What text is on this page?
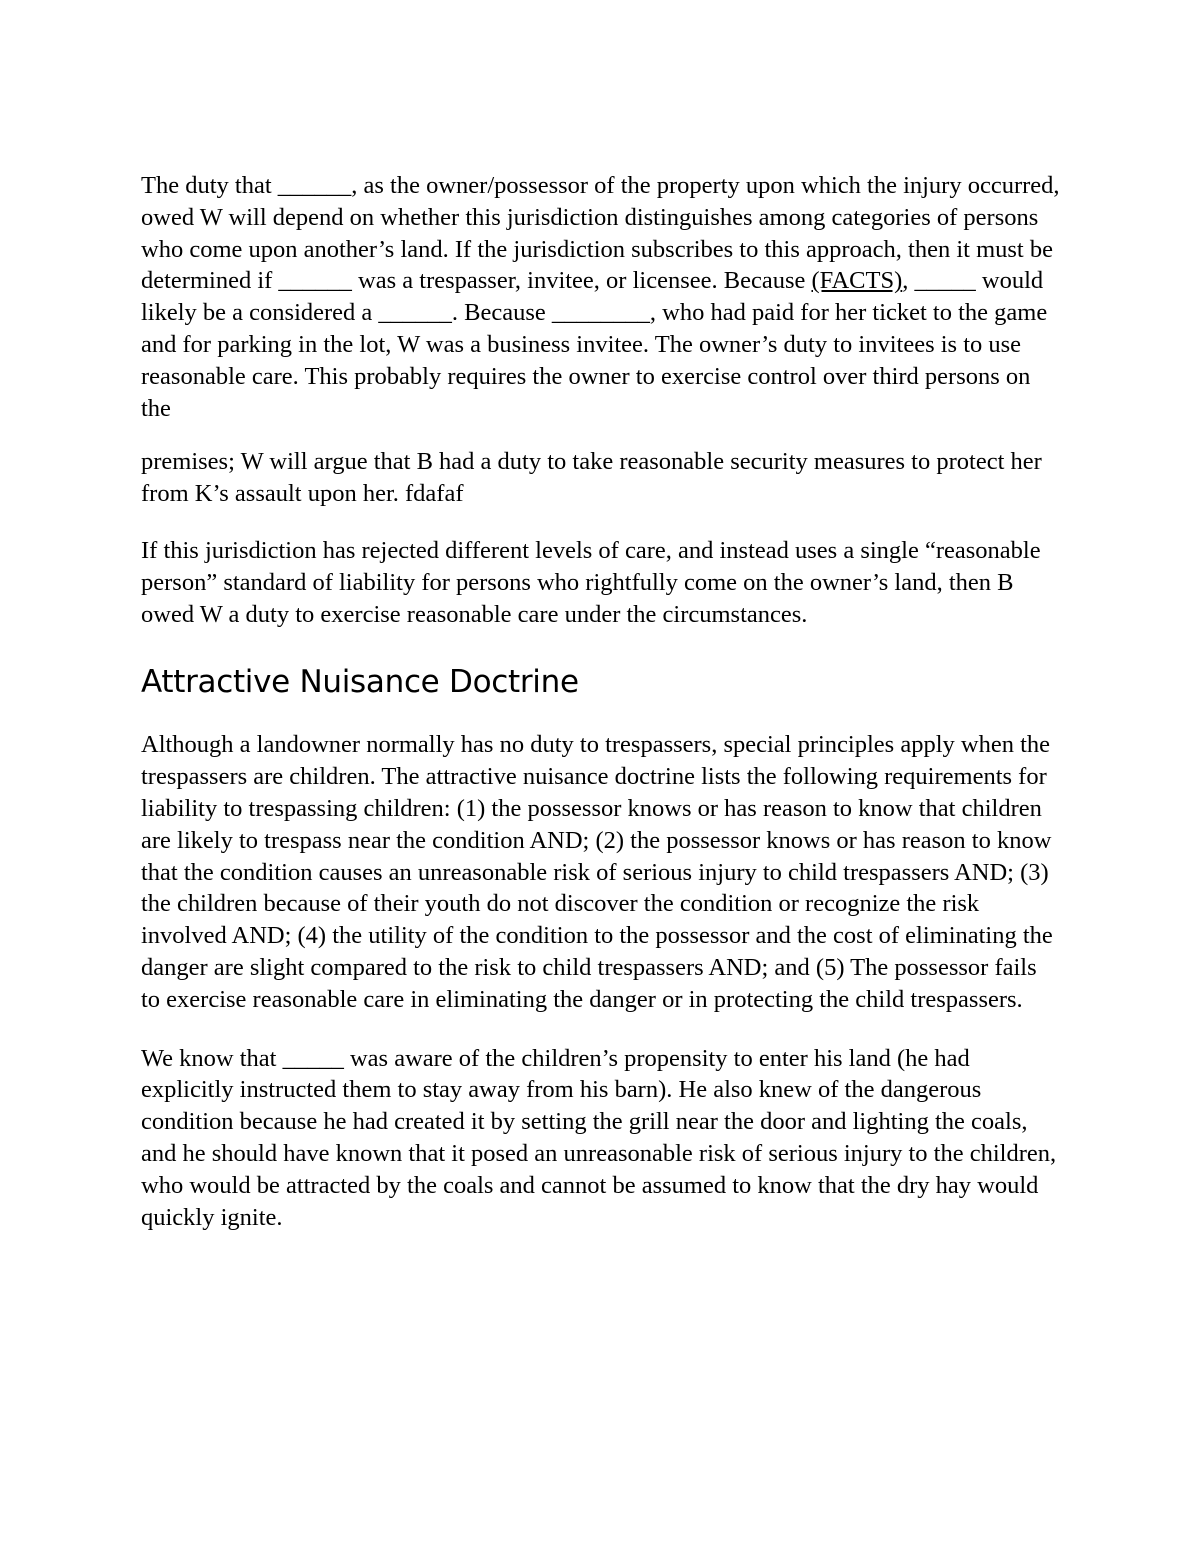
The duty that ______, as the owner/possessor of the property upon which the injury occurred, owed W will depend on whether this jurisdiction distinguishes among categories of persons who come upon another’s land. If the jurisdiction subscribes to this approach, then it must be determined if ______ was a trespasser, invitee, or licensee. Because (FACTS), _____ would likely be a considered a ______. Because ________, who had paid for her ticket to the game and for parking in the lot, W was a business invitee. The owner’s duty to invitees is to use reasonable care. This probably requires the owner to exercise control over third persons on the

premises; W will argue that B had a duty to take reasonable security measures to protect her from K’s assault upon her. fdafaf

If this jurisdiction has rejected different levels of care, and instead uses a single “reasonable person” standard of liability for persons who rightfully come on the owner’s land, then B owed W a duty to exercise reasonable care under the circumstances.

Attractive Nuisance Doctrine

Although a landowner normally has no duty to trespassers, special principles apply when the trespassers are children. The attractive nuisance doctrine lists the following requirements for liability to trespassing children: (1) the possessor knows or has reason to know that children are likely to trespass near the condition AND; (2) the possessor knows or has reason to know that the condition causes an unreasonable risk of serious injury to child trespassers AND; (3) the children because of their youth do not discover the condition or recognize the risk involved AND; (4) the utility of the condition to the possessor and the cost of eliminating the danger are slight compared to the risk to child trespassers AND; and (5) The possessor fails to exercise reasonable care in eliminating the danger or in protecting the child trespassers.

We know that _____ was aware of the children’s propensity to enter his land (he had explicitly instructed them to stay away from his barn). He also knew of the dangerous condition because he had created it by setting the grill near the door and lighting the coals, and he should have known that it posed an unreasonable risk of serious injury to the children, who would be attracted by the coals and cannot be assumed to know that the dry hay would quickly ignite.
